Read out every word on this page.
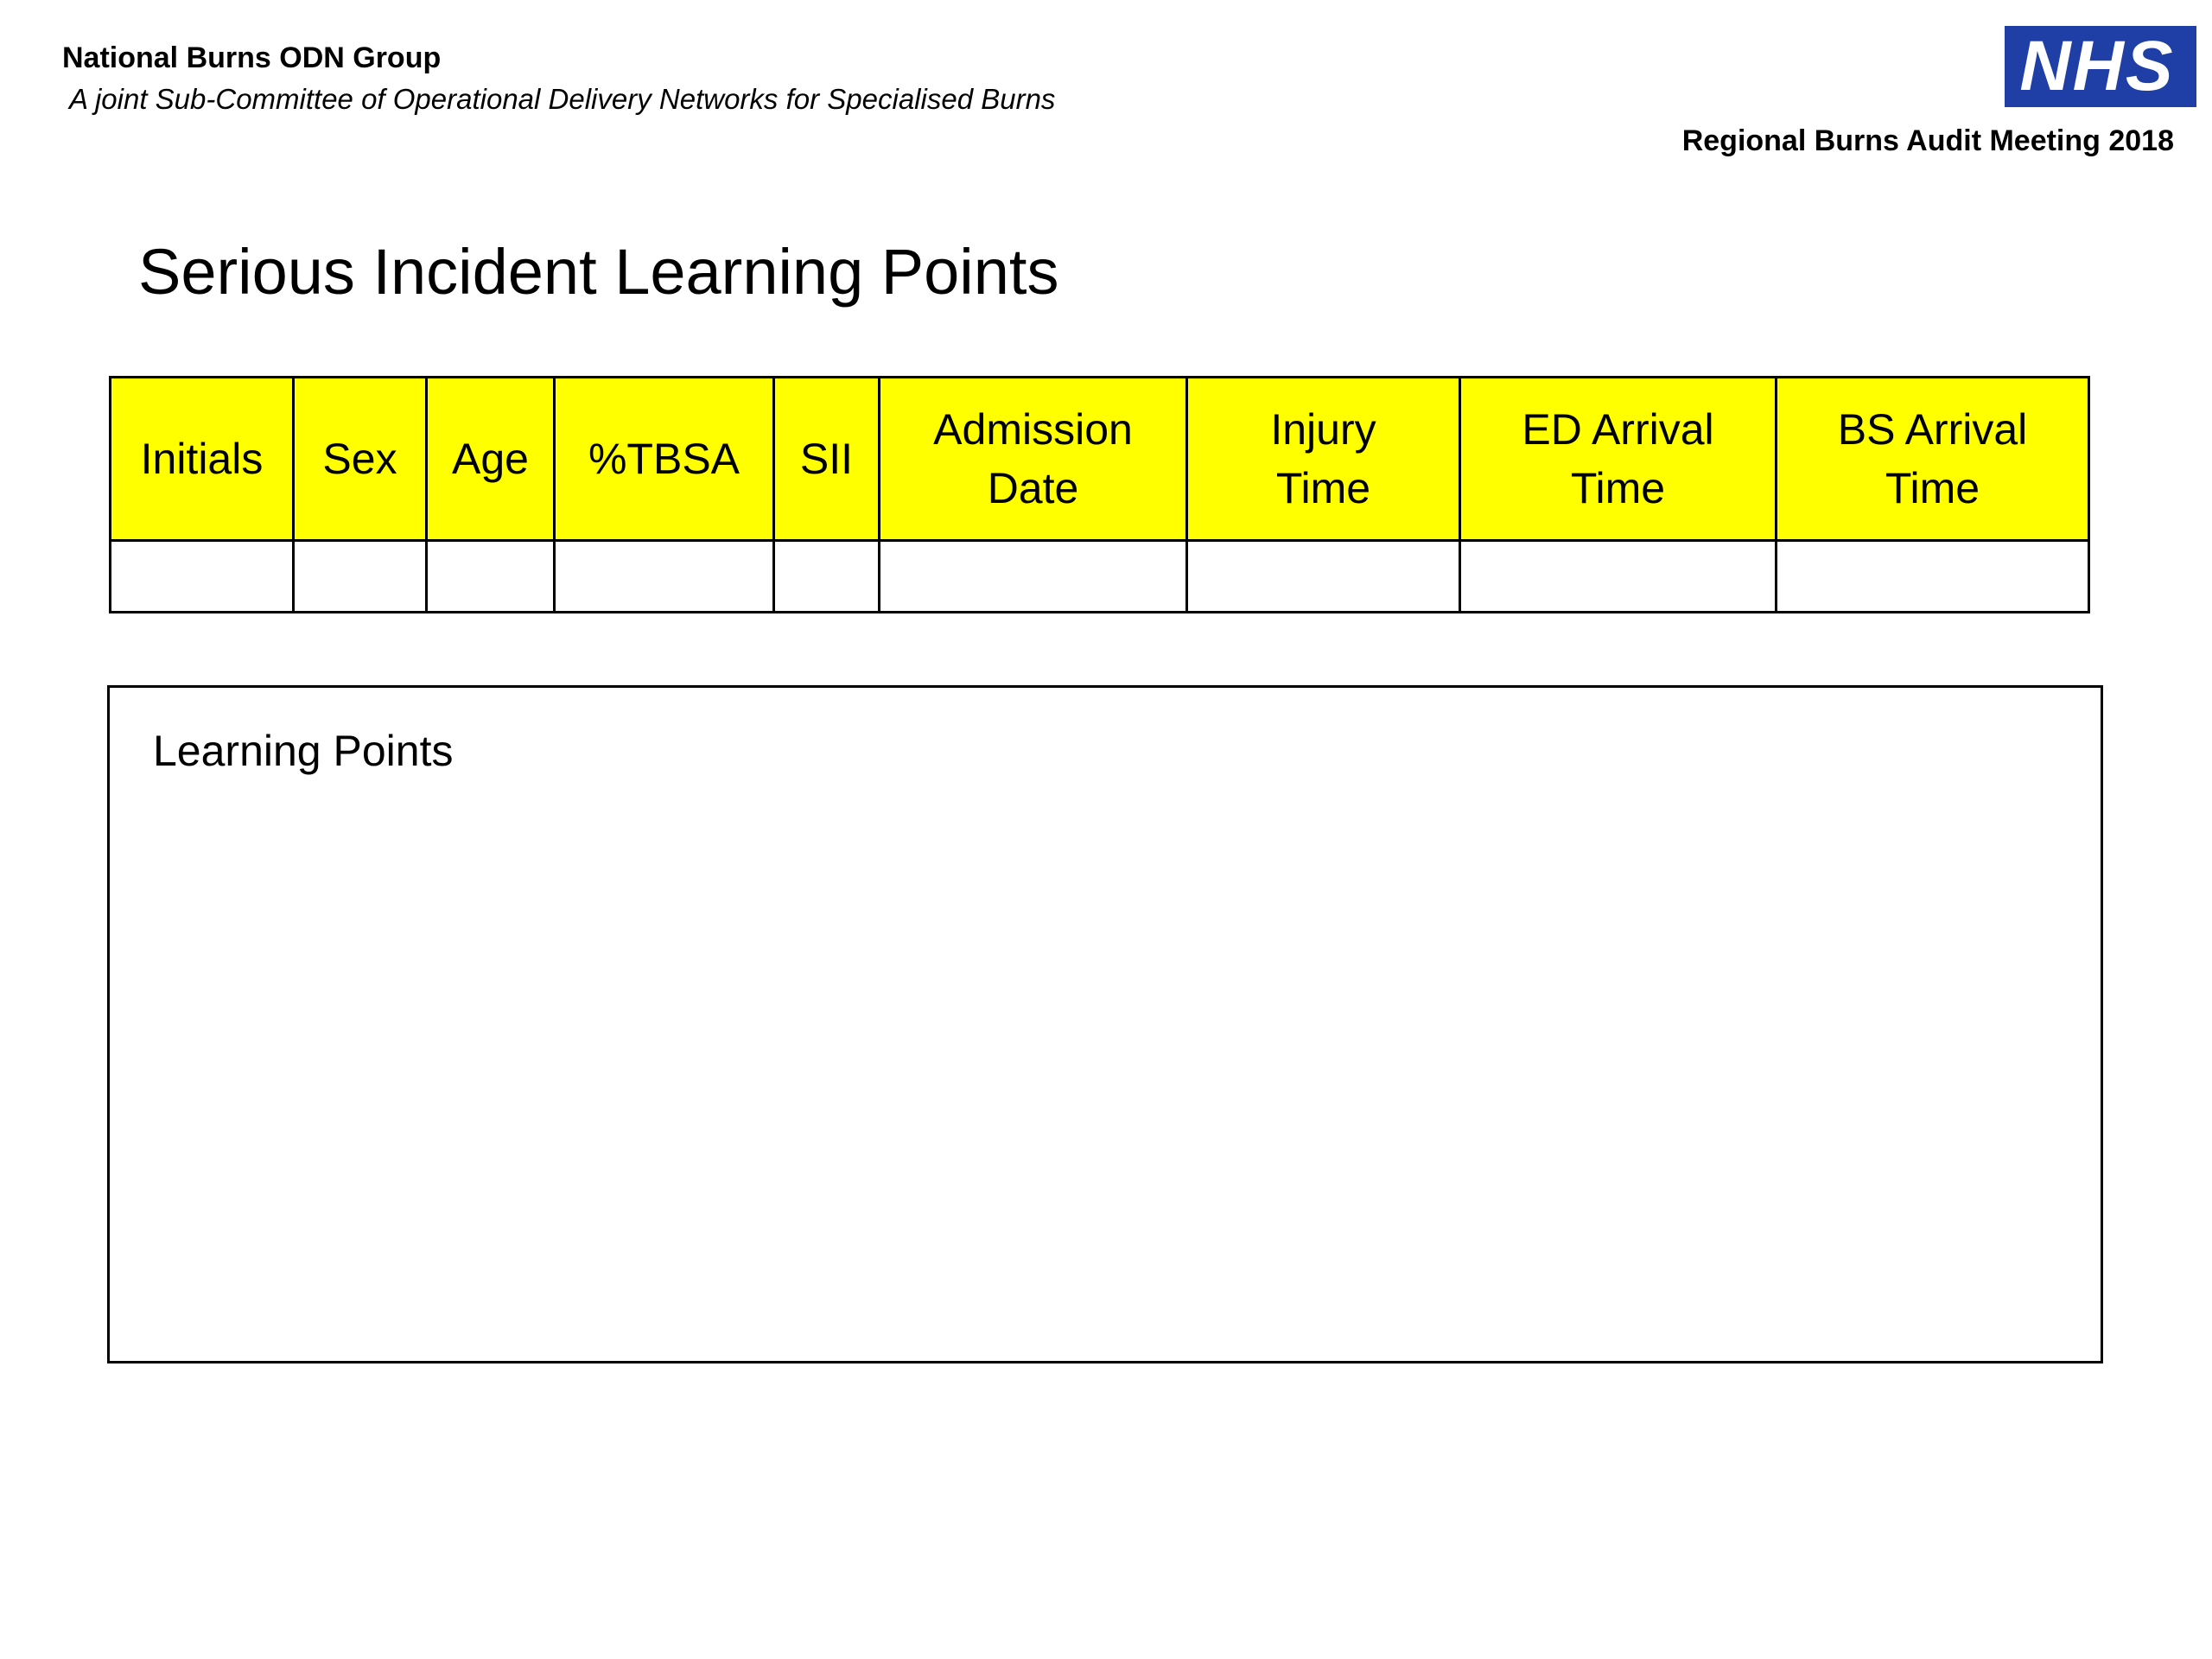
National Burns ODN Group
A joint Sub-Committee of Operational Delivery Networks for Specialised Burns	NHS
Regional Burns Audit Meeting 2018
Serious Incident Learning Points
Initials	Sex	Age	%TBSA	SII	Admission Date	Injury Time	ED Arrival Time	BS Arrival Time

Learning Points
